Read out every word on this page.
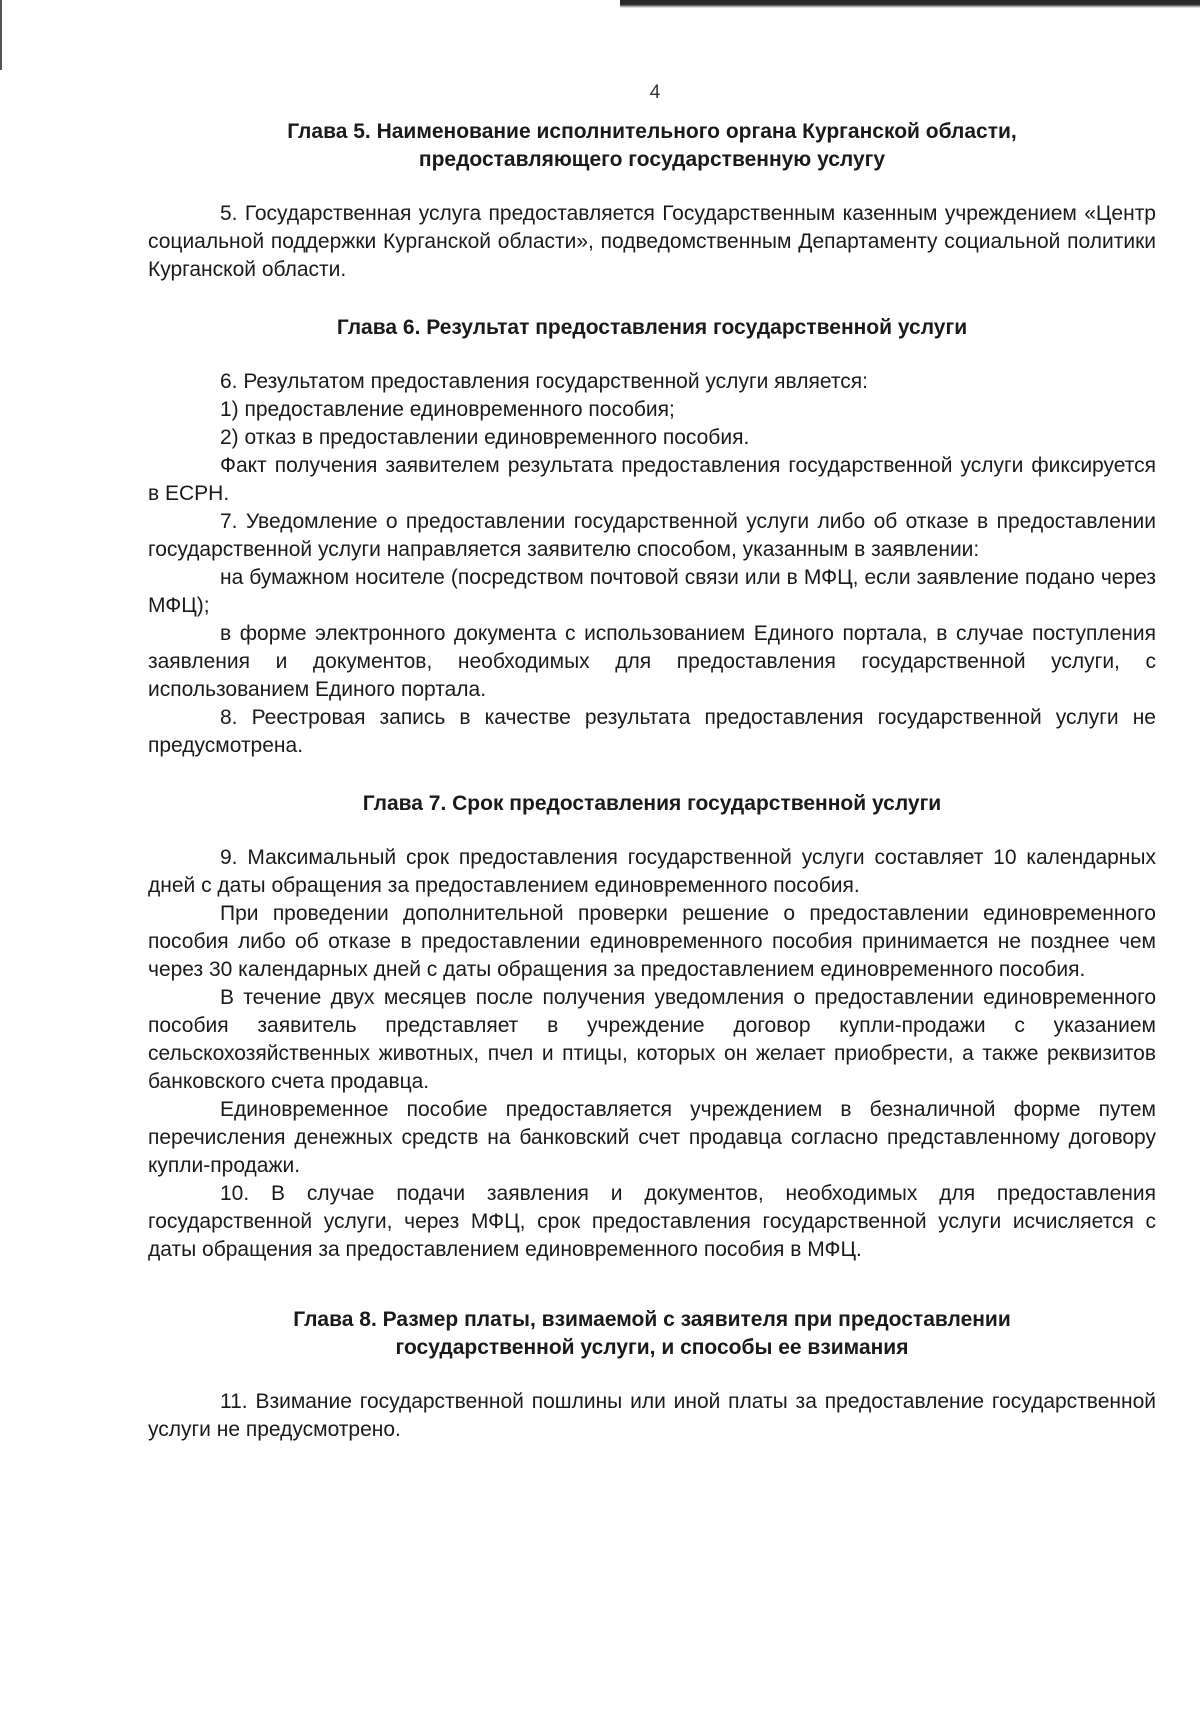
4
Глава 5. Наименование исполнительного органа Курганской области,
предоставляющего государственную услугу

5. Государственная услуга предоставляется Государственным казенным учреждением «Центр социальной поддержки Курганской области», подведомственным Департаменту социальной политики Курганской области.

Глава 6. Результат предоставления государственной услуги

6. Результатом предоставления государственной услуги является:

1) предоставление единовременного пособия;

2) отказ в предоставлении единовременного пособия.

Факт получения заявителем результата предоставления государственной услуги фиксируется в ЕСРН.

7. Уведомление о предоставлении государственной услуги либо об отказе в предоставлении государственной услуги направляется заявителю способом, указанным в заявлении:

на бумажном носителе (посредством почтовой связи или в МФЦ, если заявление подано через МФЦ);

в форме электронного документа с использованием Единого портала, в случае поступления заявления и документов, необходимых для предоставления государственной услуги, с использованием Единого портала.

8. Реестровая запись в качестве результата предоставления государственной услуги не предусмотрена.

Глава 7. Срок предоставления государственной услуги

9. Максимальный срок предоставления государственной услуги составляет 10 календарных дней с даты обращения за предоставлением единовременного пособия.

При проведении дополнительной проверки решение о предоставлении единовременного пособия либо об отказе в предоставлении единовременного пособия принимается не позднее чем через 30 календарных дней с даты обращения за предоставлением единовременного пособия.

В течение двух месяцев после получения уведомления о предоставлении единовременного пособия заявитель представляет в учреждение договор купли-продажи с указанием сельскохозяйственных животных, пчел и птицы, которых он желает приобрести, а также реквизитов банковского счета продавца.

Единовременное пособие предоставляется учреждением в безналичной форме путем перечисления денежных средств на банковский счет продавца согласно представленному договору купли-продажи.

10. В случае подачи заявления и документов, необходимых для предоставления государственной услуги, через МФЦ, срок предоставления государственной услуги исчисляется с даты обращения за предоставлением единовременного пособия в МФЦ.

Глава 8. Размер платы, взимаемой с заявителя при предоставлении
государственной услуги, и способы ее взимания

11. Взимание государственной пошлины или иной платы за предоставление государственной услуги не предусмотрено.
